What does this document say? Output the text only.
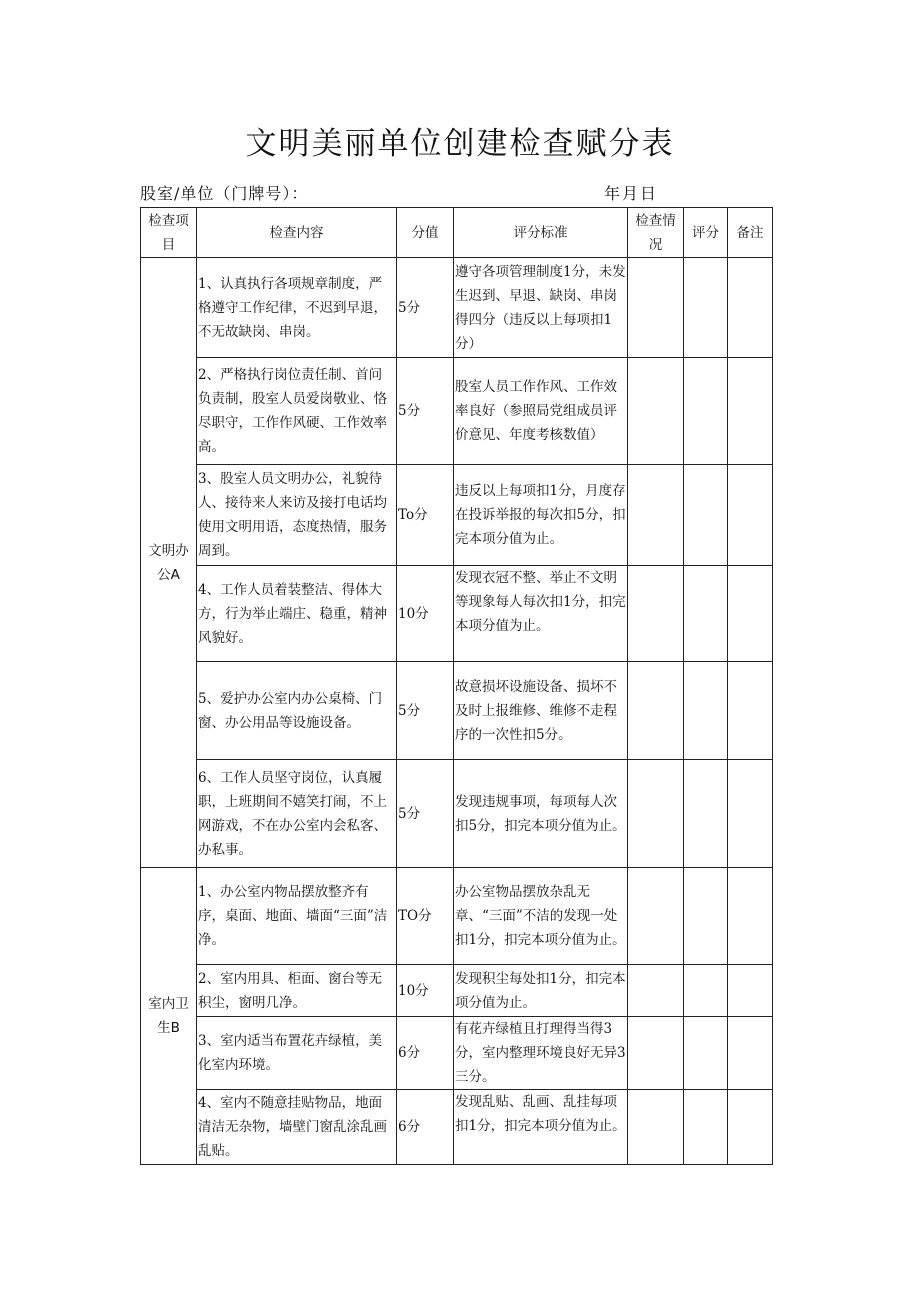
文明美丽单位创建检查赋分表
股室/单位（门牌号）：	年月日
检查项目	检查内容	分值	评分标准	检查情况	评分	备注
文明办公A	1、认真执行各项规章制度，严格遵守工作纪律，不迟到早退，不无故缺岗、串岗。	5分	遵守各项管理制度1分，未发生迟到、早退、缺岗、串岗得四分（违反以上每项扣1分）			
	2、严格执行岗位责任制、首问负责制，股室人员爱岗敬业、恪尽职守，工作作风硬、工作效率高。	5分	股室人员工作作风、工作效率良好（参照局党组成员评价意见、年度考核数值）			
	3、股室人员文明办公，礼貌待人、接待来人来访及接打电话均使用文明用语，态度热情，服务周到。	To分	违反以上每项扣1分，月度存在投诉举报的每次扣5分，扣完本项分值为止。			
	4、工作人员着装整洁、得体大方，行为举止端庄、稳重，精神风貌好。	10分	发现衣冠不整、举止不文明等现象每人每次扣1分，扣完本项分值为止。			
	5、爱护办公室内办公桌椅、门窗、办公用品等设施设备。	5分	故意损坏设施设备、损坏不及时上报维修、维修不走程序的一次性扣5分。			
	6、工作人员坚守岗位，认真履职，上班期间不嬉笑打闹，不上网游戏，不在办公室内会私客、办私事。	5分	发现违规事项，每项每人次扣5分，扣完本项分值为止。			
室内卫生B	1、办公室内物品摆放整齐有序，桌面、地面、墙面“三面”洁净。	TO分	办公室物品摆放杂乱无章、“三面”不洁的发现一处扣1分，扣完本项分值为止。			
	2、室内用具、柜面、窗台等无积尘，窗明几净。	10分	发现积尘每处扣1分，扣完本项分值为止。			
	3、室内适当布置花卉绿植，美化室内环境。	6分	有花卉绿植且打理得当得3分，室内整理环境良好无异3三分。			
	4、室内不随意挂贴物品，地面清洁无杂物，墙壁门窗乱涂乱画乱贴。	6分	发现乱贴、乱画、乱挂每项扣1分，扣完本项分值为止。			
